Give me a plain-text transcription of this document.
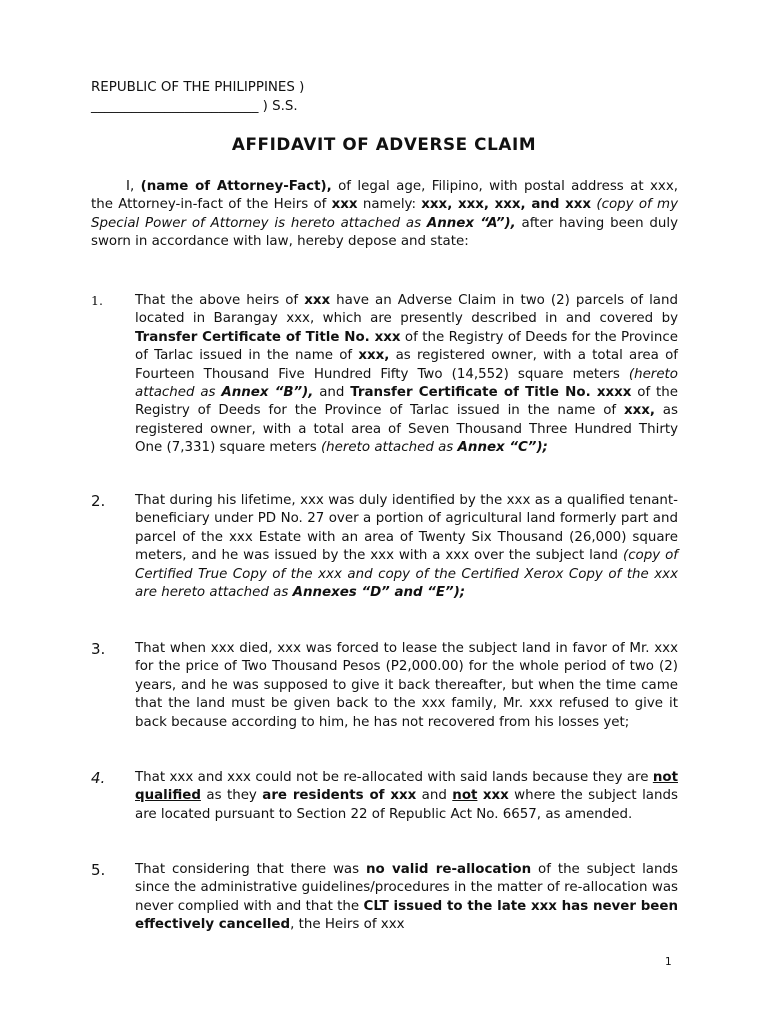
REPUBLIC OF THE PHILIPPINES )
_________________________ ) S.S.
AFFIDAVIT OF ADVERSE CLAIM
I, (name of Attorney-Fact), of legal age, Filipino, with postal address at xxx, the Attorney-in-fact of the Heirs of xxx namely: xxx, xxx, xxx, and xxx (copy of my Special Power of Attorney is hereto attached as Annex “A”), after having been duly sworn in accordance with law, hereby depose and state:
1.	That the above heirs of xxx have an Adverse Claim in two (2) parcels of land located in Barangay xxx, which are presently described in and covered by Transfer Certificate of Title No. xxx of the Registry of Deeds for the Province of Tarlac issued in the name of xxx, as registered owner, with a total area of Fourteen Thousand Five Hundred Fifty Two (14,552) square meters (hereto attached as Annex “B”), and Transfer Certificate of Title No. xxxx of the Registry of Deeds for the Province of Tarlac issued in the name of xxx, as registered owner, with a total area of Seven Thousand Three Hundred Thirty One (7,331) square meters (hereto attached as Annex “C”);
2.	That during his lifetime, xxx was duly identified by the xxx as a qualified tenant-beneficiary under PD No. 27 over a portion of agricultural land formerly part and parcel of the xxx Estate with an area of Twenty Six Thousand (26,000) square meters, and he was issued by the xxx with a xxx over the subject land (copy of Certified True Copy of the xxx and copy of the Certified Xerox Copy of the xxx are hereto attached as Annexes “D” and “E”);
3.	That when xxx died, xxx was forced to lease the subject land in favor of Mr. xxx for the price of Two Thousand Pesos (P2,000.00) for the whole period of two (2) years, and he was supposed to give it back thereafter, but when the time came that the land must be given back to the xxx family, Mr. xxx refused to give it back because according to him, he has not recovered from his losses yet;
4.	That xxx and xxx could not be re-allocated with said lands because they are not qualified as they are residents of xxx and not xxx where the subject lands are located pursuant to Section 22 of Republic Act No. 6657, as amended.
5.	That considering that there was no valid re-allocation of the subject lands since the administrative guidelines/procedures in the matter of re-allocation was never complied with and that the CLT issued to the late xxx has never been effectively cancelled, the Heirs of xxx
1
